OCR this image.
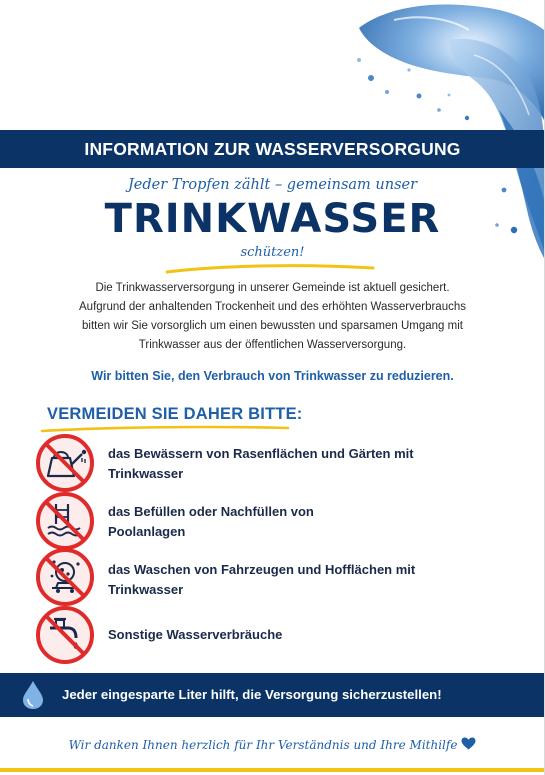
INFORMATION ZUR WASSERVERSORGUNG
Jeder Tropfen zählt – gemeinsam unser
TRINKWASSER
schützen!

Die Trinkwasserversorgung in unserer Gemeinde ist aktuell gesichert.

Aufgrund der anhaltenden Trockenheit und des erhöhten Wasserverbrauchs

bitten wir Sie vorsorglich um einen bewussten und sparsamen Umgang mit

Trinkwasser aus der öffentlichen Wasserversorgung.

Wir bitten Sie, den Verbrauch von Trinkwasser zu reduzieren.
VERMEIDEN SIE DAHER BITTE:
das Bewässern von Rasenflächen und Gärten mit
Trinkwasser
das Befüllen oder Nachfüllen von
Poolanlagen
das Waschen von Fahrzeugen und Hofflächen mit
Trinkwasser
Sonstige Wasserverbräuche
Jeder eingesparte Liter hilft, die Versorgung sicherzustellen!
Wir danken Ihnen herzlich für Ihr Verständnis und Ihre Mithilfe
